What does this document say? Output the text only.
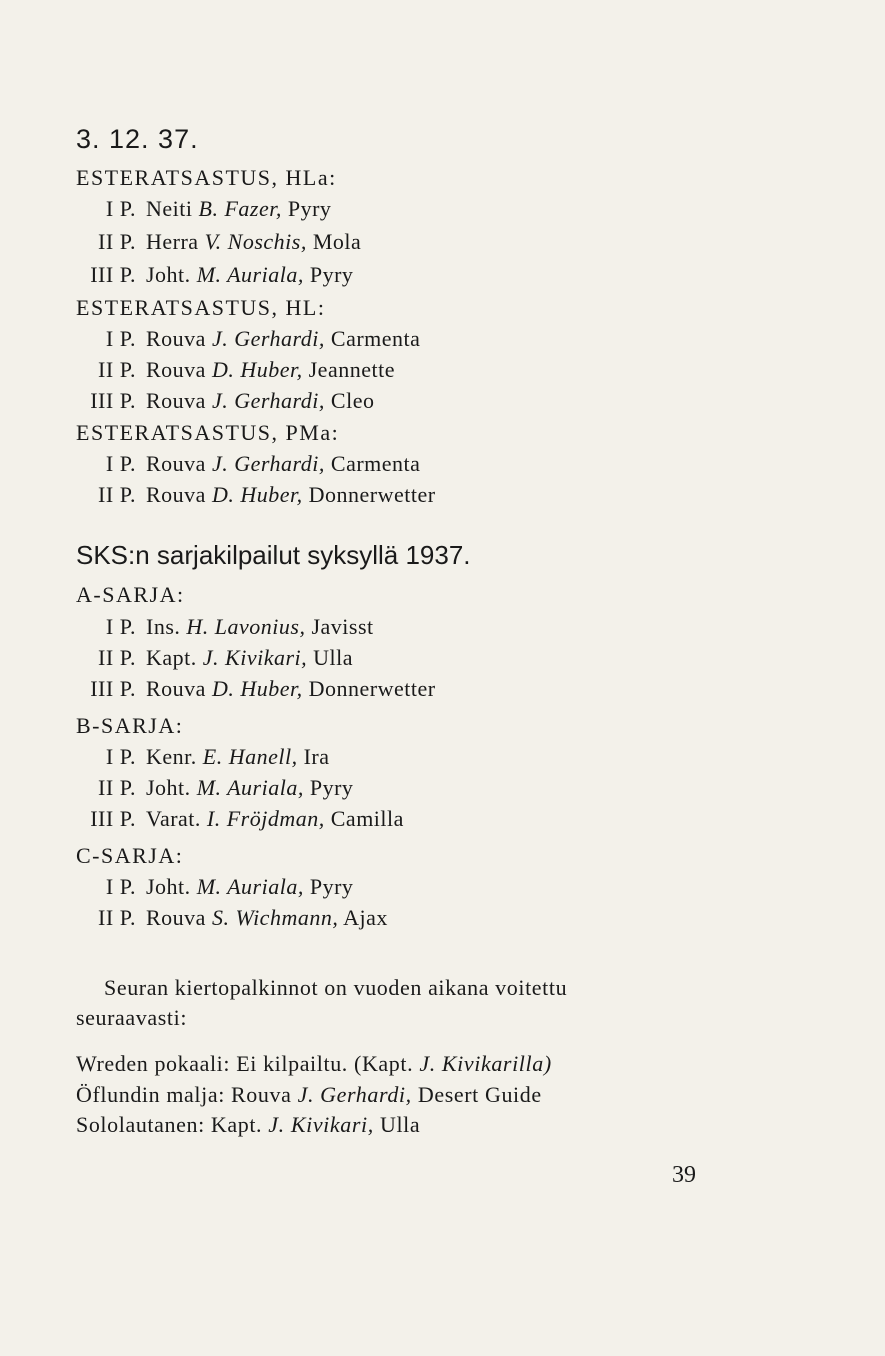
3. 12. 37.
ESTERATSASTUS, HLa:
I P. Neiti B. Fazer, Pyry
II P. Herra V. Noschis, Mola
III P. Joht. M. Auriala, Pyry
ESTERATSASTUS, HL:
I P. Rouva J. Gerhardi, Carmenta
II P. Rouva D. Huber, Jeannette
III P. Rouva J. Gerhardi, Cleo
ESTERATSASTUS, PMa:
I P. Rouva J. Gerhardi, Carmenta
II P. Rouva D. Huber, Donnerwetter
SKS:n sarjakilpailut syksyllä 1937.
A-SARJA:
I P. Ins. H. Lavonius, Javisst
II P. Kapt. J. Kivikari, Ulla
III P. Rouva D. Huber, Donnerwetter
B-SARJA:
I P. Kenr. E. Hanell, Ira
II P. Joht. M. Auriala, Pyry
III P. Varat. I. Fröjdman, Camilla
C-SARJA:
I P. Joht. M. Auriala, Pyry
II P. Rouva S. Wichmann, Ajax
Seuran kiertopalkinnot on vuoden aikana voitettu
seuraavasti:
Wreden pokaali: Ei kilpailtu. (Kapt. J. Kivikarilla)
Öflundin malja: Rouva J. Gerhardi, Desert Guide
Sololautanen: Kapt. J. Kivikari, Ulla
39
